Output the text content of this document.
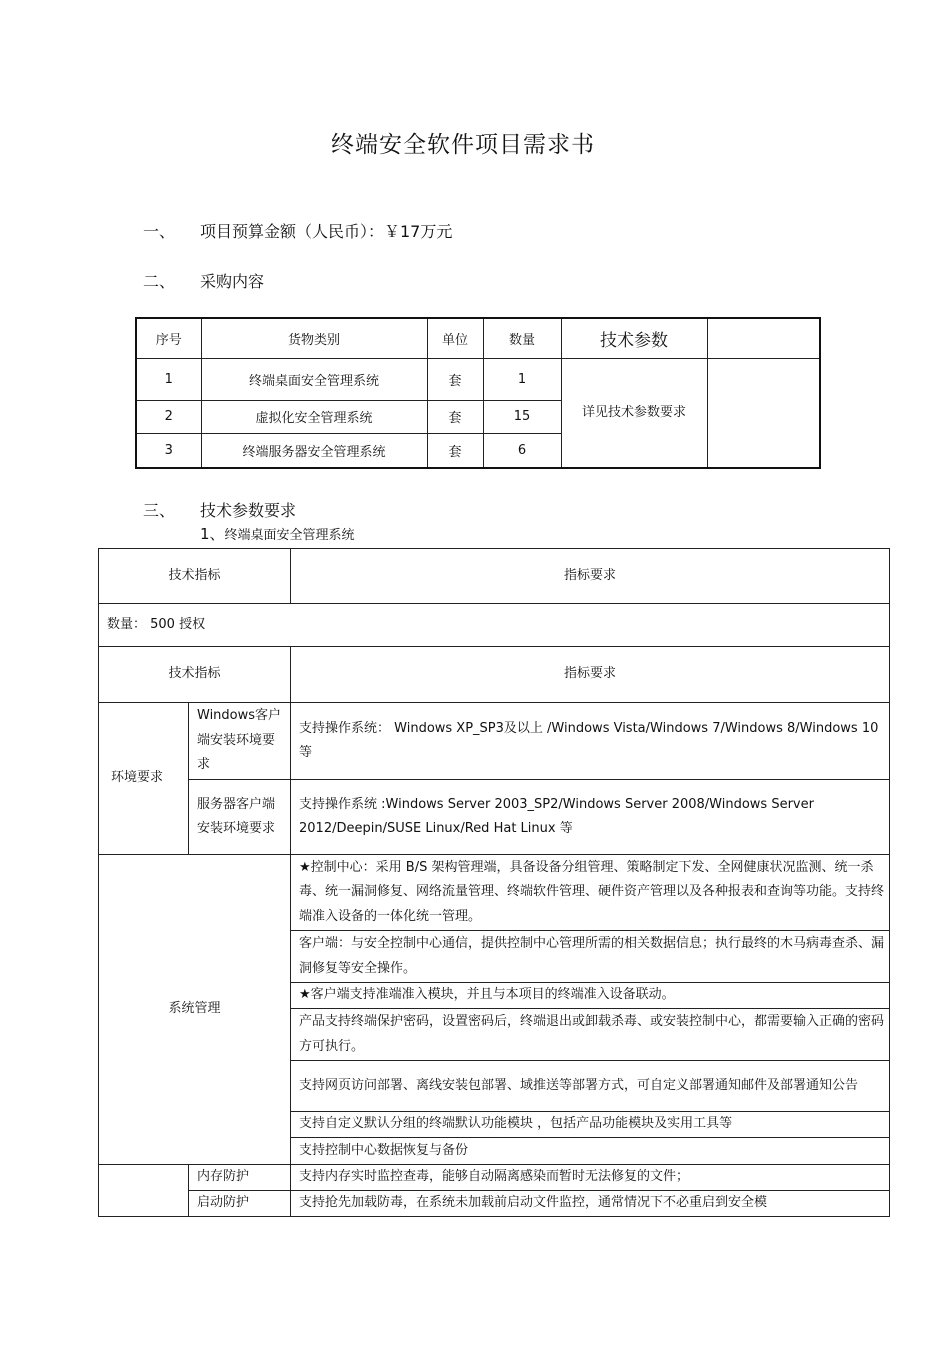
终端安全软件项目需求书
一、 项目预算金额（人民币）：￥17万元
二、 采购内容
序号	货物类别	单位	数量	技术参数	
1	终端桌面安全管理系统	套	1	详见技术参数要求	
2	虚拟化安全管理系统	套	15		
3	终端服务器安全管理系统	套	6		
三、 技术参数要求
1、终端桌面安全管理系统
技术指标		指标要求
数量： 500 授权		
技术指标		指标要求
环境要求	Windows客户端安装环境要求	支持操作系统： Windows XP_SP3及以上 /Windows Vista/Windows 7/Windows 8/Windows 10 等
	服务器客户端安装环境要求	支持操作系统 :Windows Server 2003_SP2/Windows Server 2008/Windows Server 2012/Deepin/SUSE Linux/Red Hat Linux 等
系统管理		★控制中心：采用 B/S 架构管理端，具备设备分组管理、策略制定下发、全网健康状况监测、统一杀毒、统一漏洞修复、网络流量管理、终端软件管理、硬件资产管理以及各种报表和查询等功能。支持终端准入设备的一体化统一管理。
		客户端：与安全控制中心通信，提供控制中心管理所需的相关数据信息；执行最终的木马病毒查杀、漏洞修复等安全操作。
		★客户端支持准端准入模块，并且与本项目的终端准入设备联动。
		产品支持终端保护密码，设置密码后，终端退出或卸载杀毒、或安装控制中心，都需要输入正确的密码方可执行。
		支持网页访问部署、离线安装包部署、域推送等部署方式，可自定义部署通知邮件及部署通知公告
		支持自定义默认分组的终端默认功能模块 ，包括产品功能模块及实用工具等
		支持控制中心数据恢复与备份
	内存防护	支持内存实时监控查毒，能够自动隔离感染而暂时无法修复的文件；
	启动防护	支持抢先加载防毒，在系统未加载前启动文件监控，通常情况下不必重启到安全模
